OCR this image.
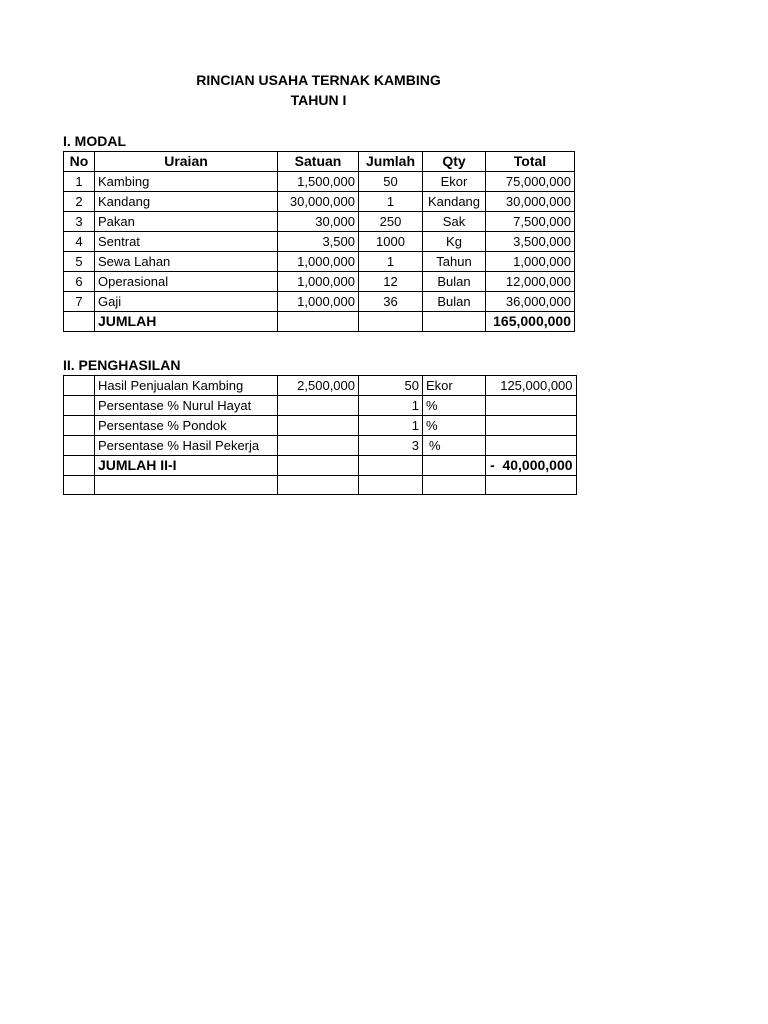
RINCIAN USAHA TERNAK KAMBING
TAHUN I
I. MODAL
No	Uraian	Satuan	Jumlah	Qty	Total
1	Kambing	1,500,000	50	Ekor	75,000,000
2	Kandang	30,000,000	1	Kandang	30,000,000
3	Pakan	30,000	250	Sak	7,500,000
4	Sentrat	3,500	1000	Kg	3,500,000
5	Sewa Lahan	1,000,000	1	Tahun	1,000,000
6	Operasional	1,000,000	12	Bulan	12,000,000
7	Gaji	1,000,000	36	Bulan	36,000,000
	JUMLAH				165,000,000
II. PENGHASILAN
	Hasil Penjualan Kambing	2,500,000	50	Ekor	125,000,000
	Persentase % Nurul Hayat		1	%	
	Persentase % Pondok		1	%	
	Persentase % Hasil Pekerja		3	%	
	JUMLAH II-I				-  40,000,000
